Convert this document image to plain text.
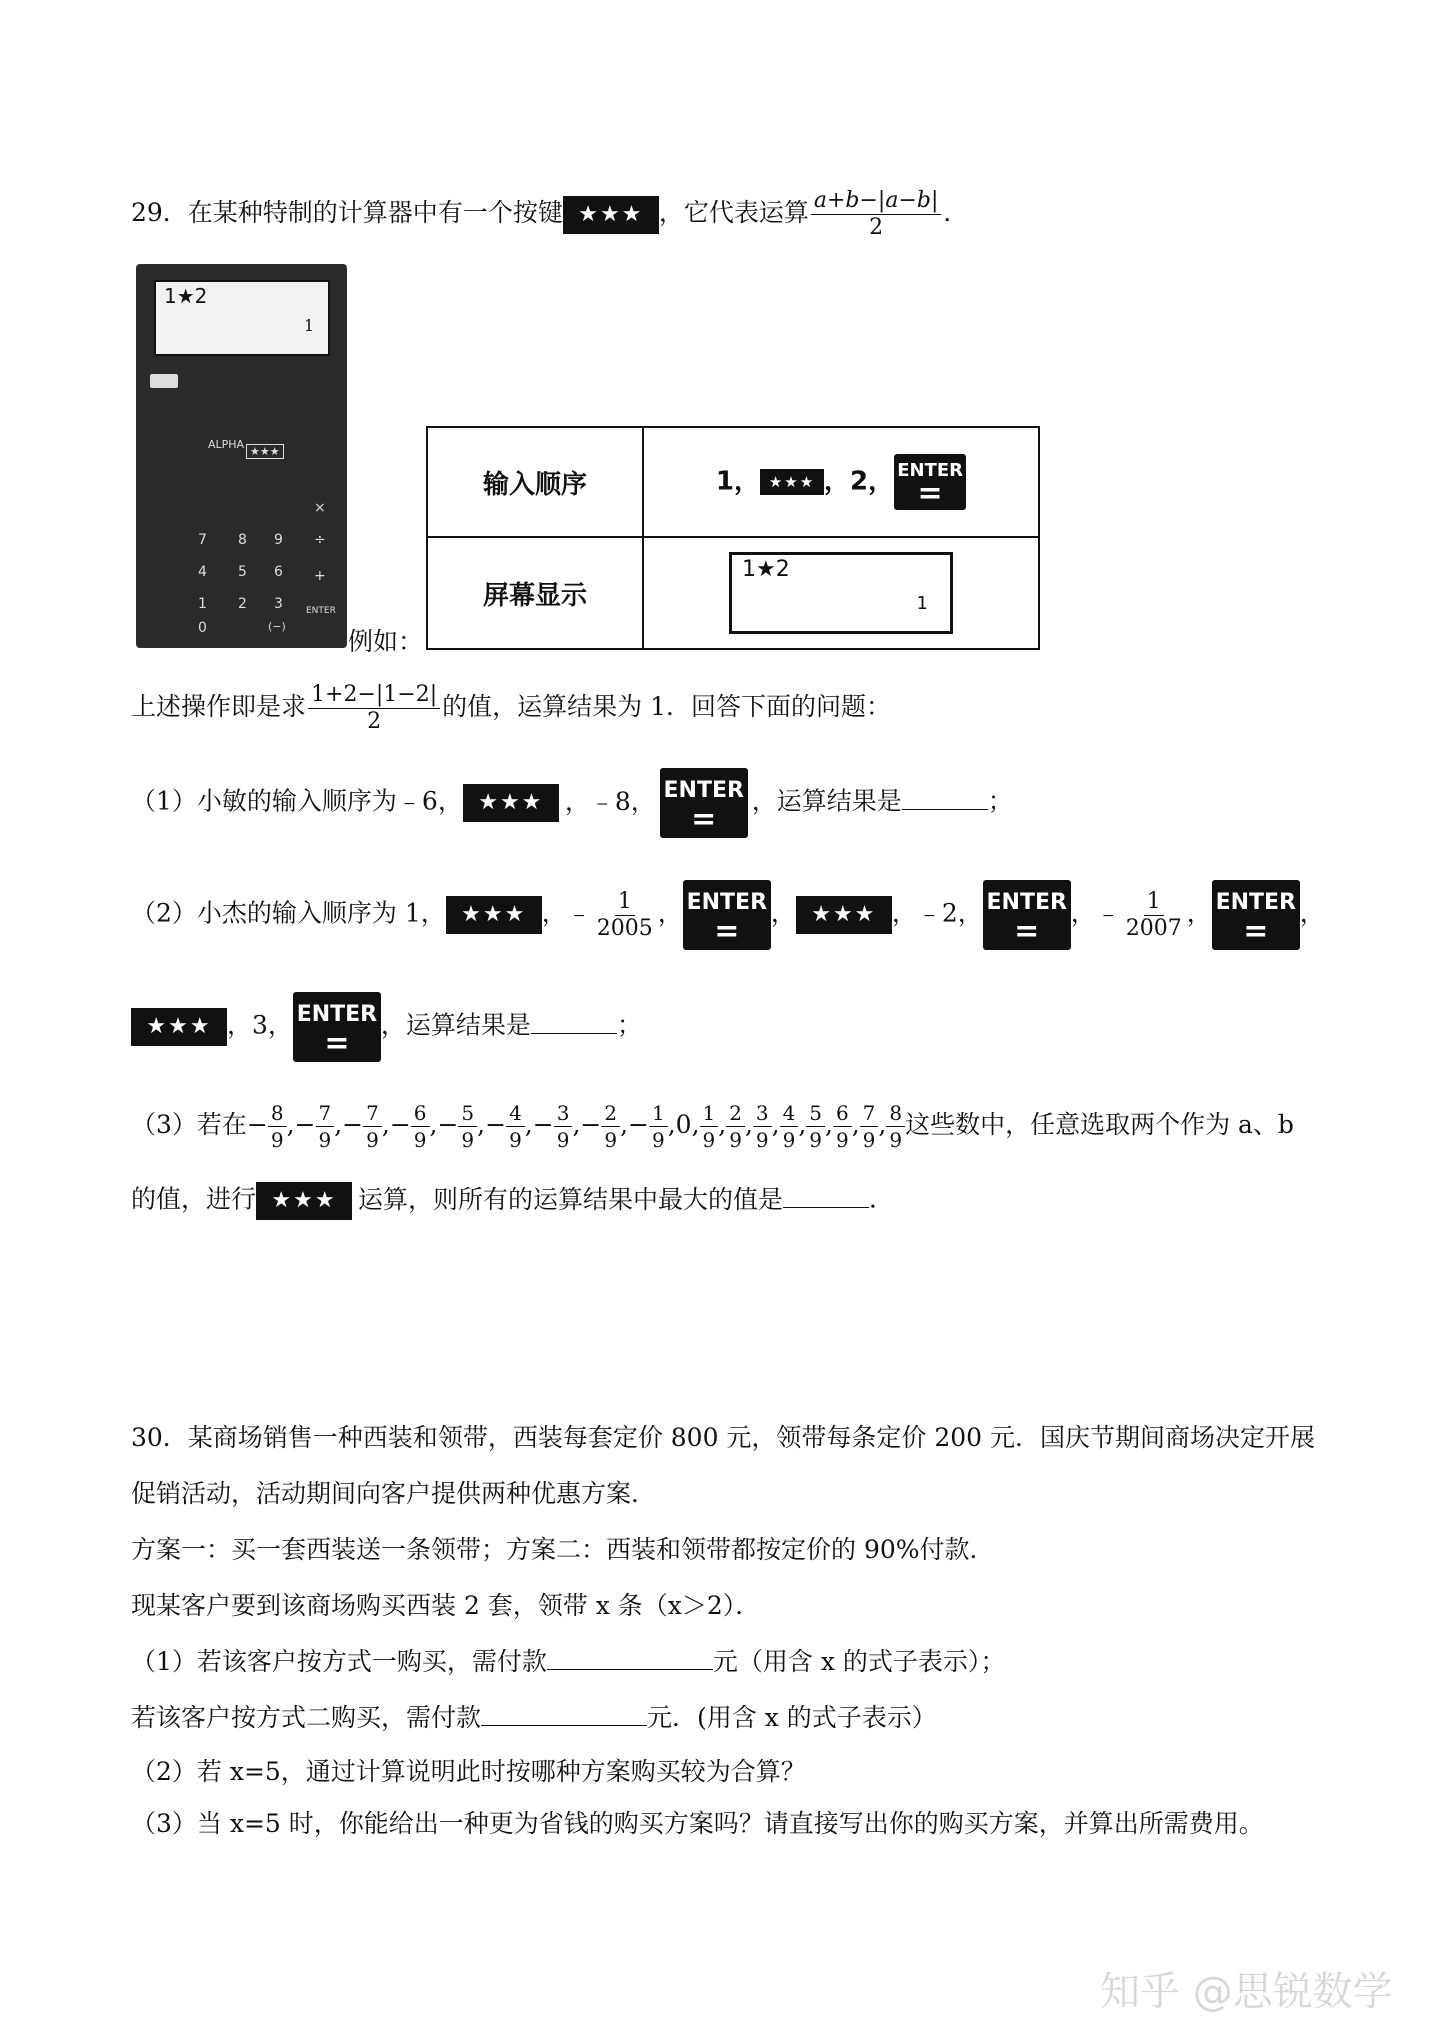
29．在某种特制的计算器中有一个按键 ★★★ ，它代表运算 $\frac{a+b-|a-b|}{2}$ ．
1★2
1
ALPHA
★★★
7 8 9 ÷
4 5 6
×
1 2 3
+
0	(−)
ENTER
例如：
输入顺序	1， ★★★ ，2， ENTER
=

屏幕显示	1★2
1
上述操作即是求 $\frac{1+2-|1-2|}{2}$ 的值，运算结果为 1．回答下面的问题：
（1）小敏的输入顺序为﹣6， ★★★ ，﹣8， ENTER
=
，运算结果是	；
（2）小杰的输入顺序为 1， ★★★ ，﹣ $\frac{1}{2005}$ ， ENTER
=
， ★★★ ，﹣2， ENTER
=
，﹣ $\frac{1}{2007}$ ， ENTER
=
，
★★★ ，3， ENTER
=
，运算结果是	；
（3）若在− $\frac{8}{9}$ ,− $\frac{7}{9}$ ,− $\frac{7}{9}$ ,− $\frac{6}{9}$ ,− $\frac{5}{9}$ ,− $\frac{4}{9}$ ,− $\frac{3}{9}$ ,− $\frac{2}{9}$ ,− $\frac{1}{9} ,0$, $\frac{1}{9}$ , $\frac{2}{9}$ , $\frac{3}{9}$ , $\frac{4}{9}$ , $\frac{5}{9}$ , $\frac{6}{9}$ , $\frac{7}{9}$ , $\frac{8}{9}$ 这些数中，任意选取两个作为 a、b
的值，进行 ★★★ 运算，则所有的运算结果中最大的值是	．
30．某商场销售一种西装和领带，西装每套定价 800 元，领带每条定价 200 元．国庆节期间商场决定开展
促销活动，活动期间向客户提供两种优惠方案．
方案一：买一套西装送一条领带；方案二：西装和领带都按定价的 90%付款．
现某客户要到该商场购买西装 2 套，领带 x 条（x＞2）．
（1）若该客户按方式一购买，需付款	元（用含 x 的式子表示）；
若该客户按方式二购买，需付款	元．(用含 x 的式子表示）
（2）若 x=5，通过计算说明此时按哪种方案购买较为合算？
（3）当 x=5 时，你能给出一种更为省钱的购买方案吗？请直接写出你的购买方案，并算出所需费用。
知乎 @思锐数学
